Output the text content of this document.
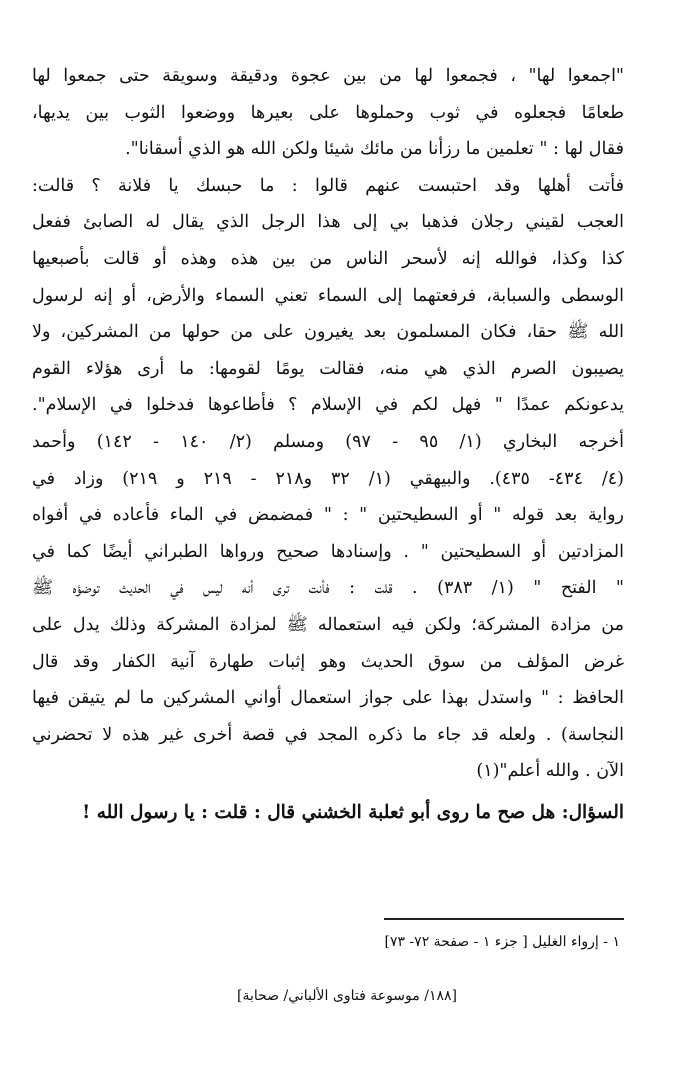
"اجمعوا لها" ، فجمعوا لها من بين عجوة ودقيقة وسويقة حتى جمعوا لها
طعامًا فجعلوه في ثوب وحملوها على بعيرها ووضعوا الثوب بين يديها،
فقال لها : " تعلمين ما رزأنا من مائك شيئا ولكن الله هو الذي أسقانا".
فأتت أهلها وقد احتبست عنهم قالوا : ما حبسك يا فلانة ؟ قالت:
العجب لقيني رجلان فذهبا بي إلى هذا الرجل الذي يقال له الصابئ ففعل
كذا وكذا، فوالله إنه لأسحر الناس من بين هذه وهذه أو قالت بأصبعيها
الوسطى والسبابة، فرفعتهما إلى السماء تعني السماء والأرض، أو إنه لرسول
الله ﷺ حقا، فكان المسلمون بعد يغيرون على من حولها من المشركين، ولا
يصيبون الصرم الذي هي منه، فقالت يومًا لقومها: ما أرى هؤلاء القوم
يدعونكم عمدًا " فهل لكم في الإسلام ؟ فأطاعوها فدخلوا في الإسلام".
أخرجه البخاري (١/ ٩٥ - ٩٧) ومسلم (٢/ ١٤٠ - ١٤٢) وأحمد
(٤/ ٤٣٤- ٤٣٥). والبيهقي (١/ ٣٢ و٢١٨ - ٢١٩ و ٢١٩) وزاد في
رواية بعد قوله " أو السطيحتين " : " فمضمض في الماء فأعاده في أفواه
المزادتين أو السطيحتين " . وإسنادها صحيح ورواها الطبراني أيضًا كما في
" الفتح " (١/ ٣٨٣) . قلت : فأنت ترى أنه ليس في الحديث توضؤه ﷺ
من مزادة المشركة؛ ولكن فيه استعماله ﷺ لمزادة المشركة وذلك يدل على
غرض المؤلف من سوق الحديث وهو إثبات طهارة آنية الكفار وقد قال
الحافظ : " واستدل بهذا على جواز استعمال أواني المشركين ما لم يتيقن فيها
النجاسة) . ولعله قد جاء ما ذكره المجد في قصة أخرى غير هذه لا تحضرني
الآن . والله أعلم"(١)
السؤال: هل صح ما روى أبو ثعلبة الخشني قال : قلت : يا رسول الله !
١ - إرواء الغليل [ جزء ١ - صفحة ٧٢- ٧٣]
[١٨٨/ موسوعة فتاوى الألباني/ صحابة]
